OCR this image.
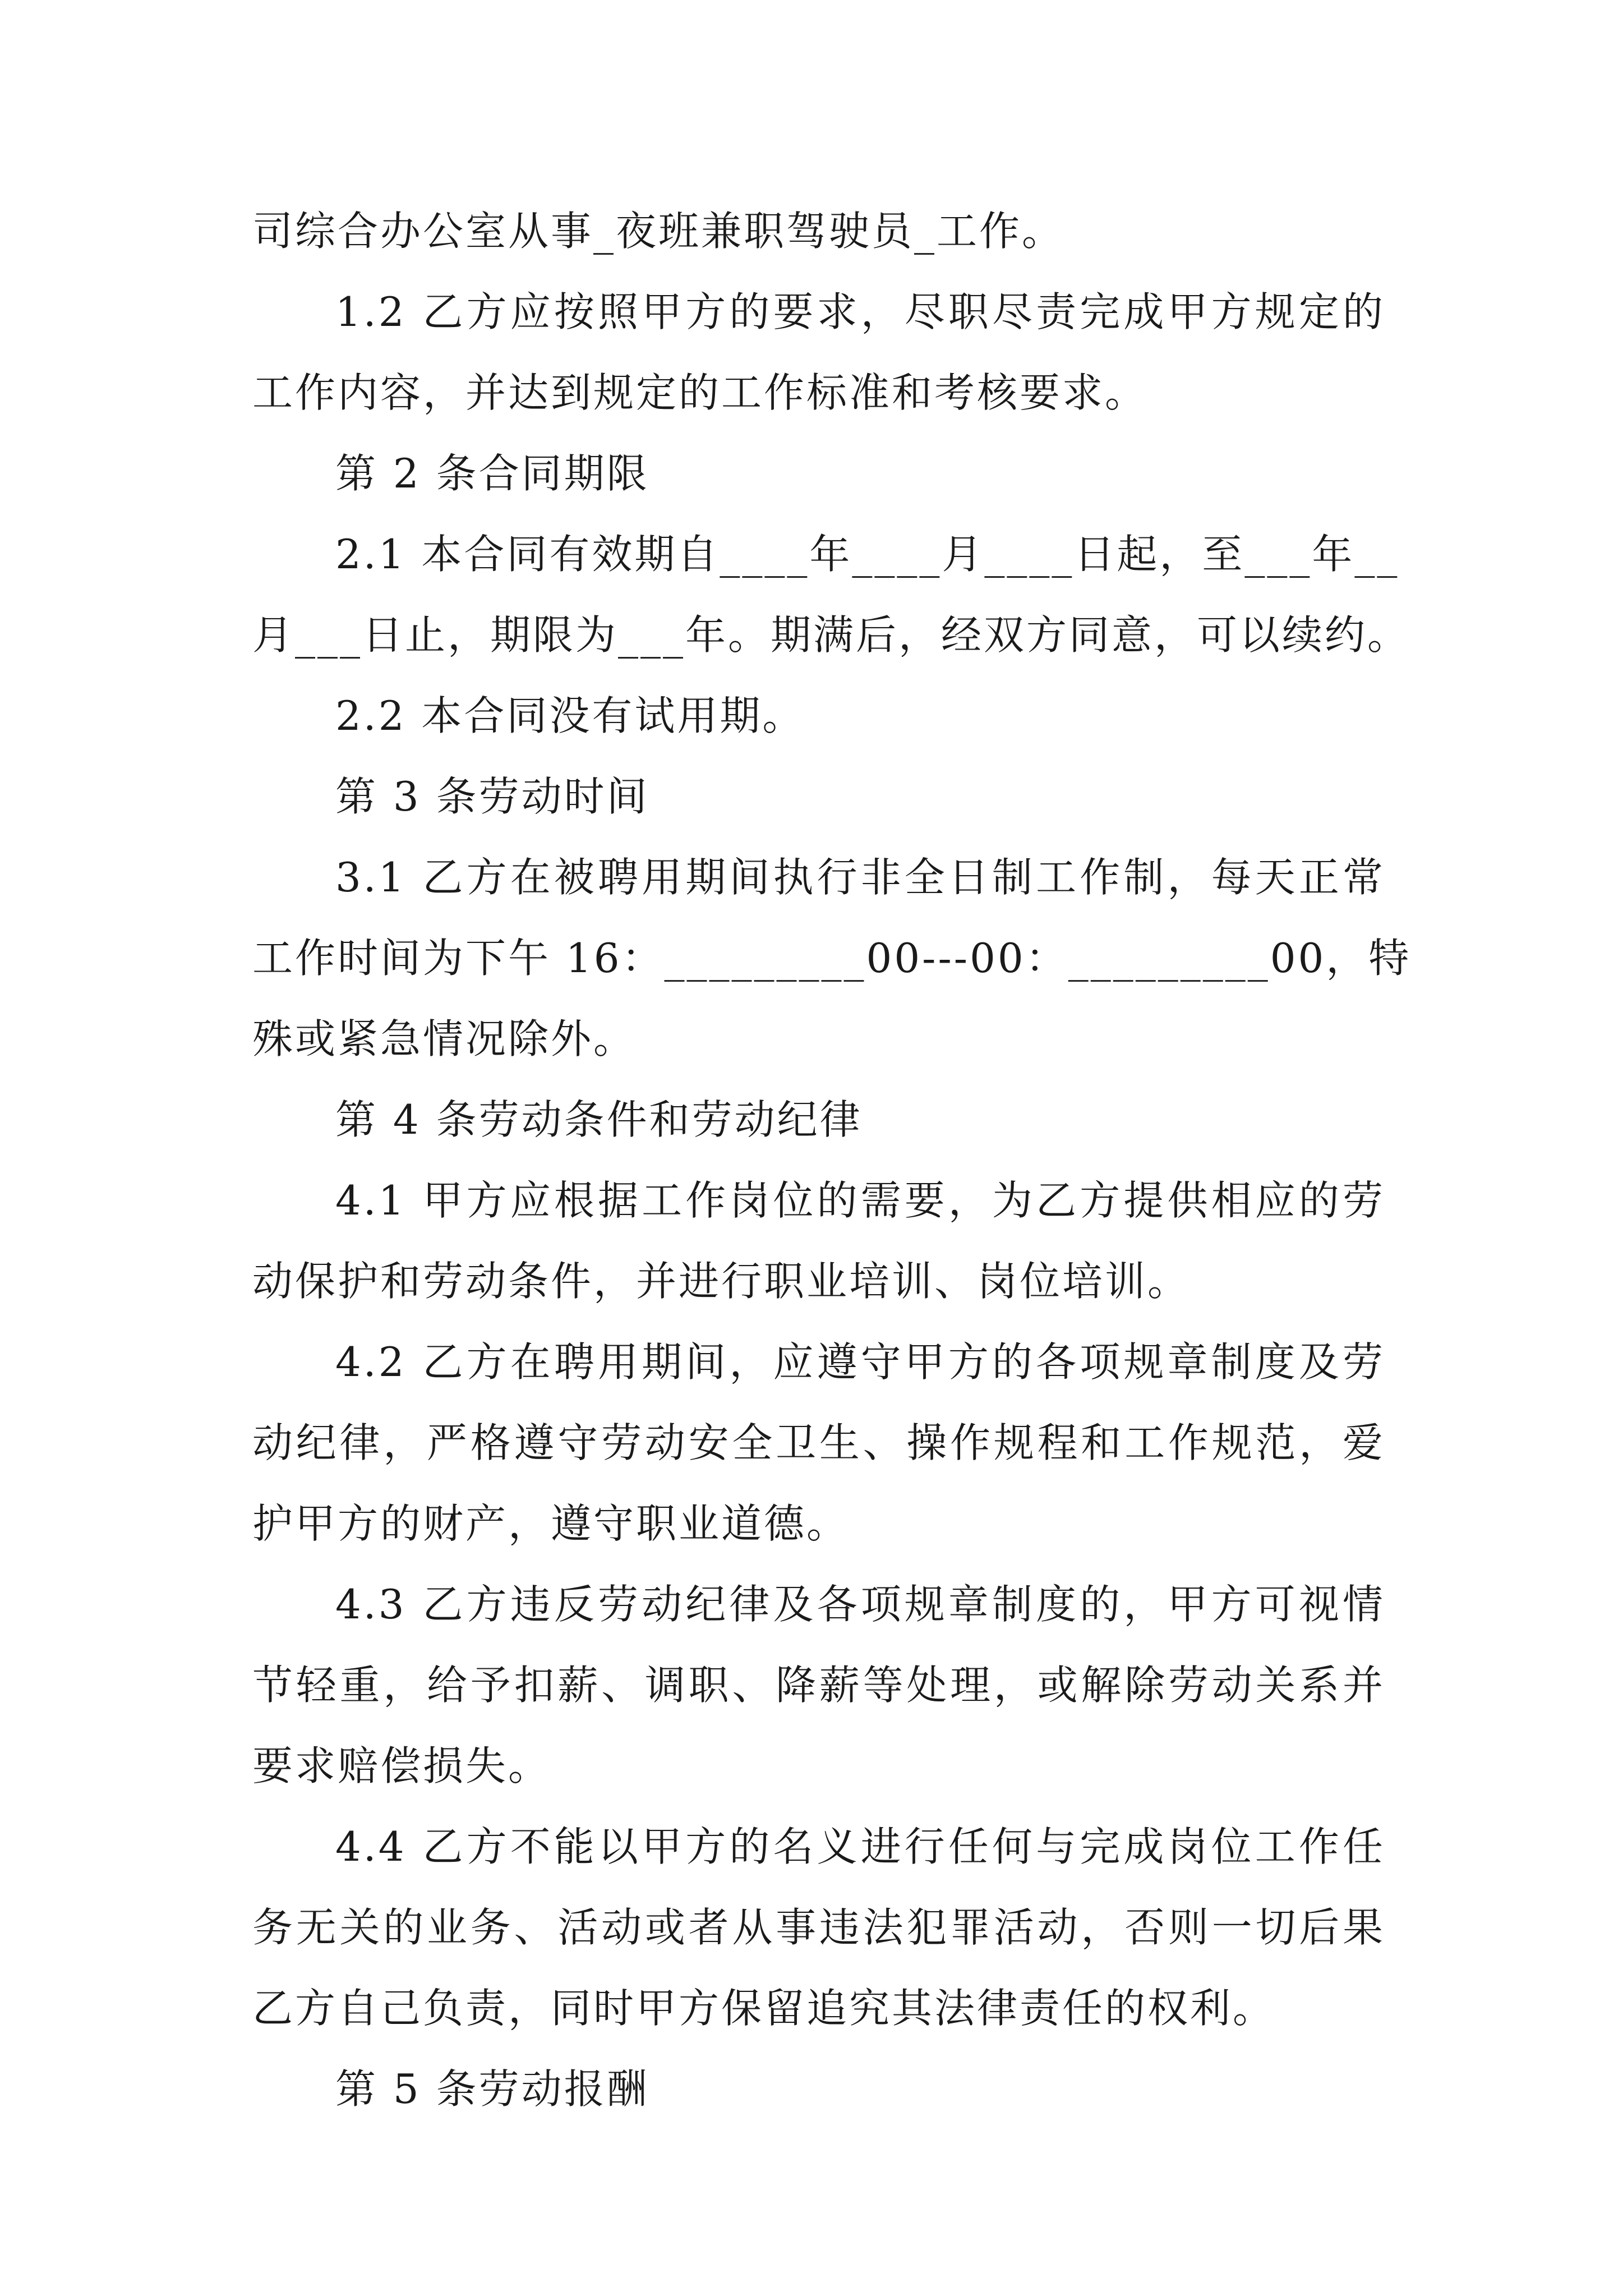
司综合办公室从事_夜班兼职驾驶员_工作。
1.2 乙方应按照甲方的要求，尽职尽责完成甲方规定的
工作内容，并达到规定的工作标准和考核要求。
第 2 条合同期限
2.1 本合同有效期自____年____月____日起，至___年__
月___日止，期限为___年。期满后，经双方同意，可以续约。
2.2 本合同没有试用期。
第 3 条劳动时间
3.1 乙方在被聘用期间执行非全日制工作制，每天正常
工作时间为下午 16：_________00---00：_________00，特
殊或紧急情况除外。
第 4 条劳动条件和劳动纪律
4.1 甲方应根据工作岗位的需要，为乙方提供相应的劳
动保护和劳动条件，并进行职业培训、岗位培训。
4.2 乙方在聘用期间，应遵守甲方的各项规章制度及劳
动纪律，严格遵守劳动安全卫生、操作规程和工作规范，爱
护甲方的财产，遵守职业道德。
4.3 乙方违反劳动纪律及各项规章制度的，甲方可视情
节轻重，给予扣薪、调职、降薪等处理，或解除劳动关系并
要求赔偿损失。
4.4 乙方不能以甲方的名义进行任何与完成岗位工作任
务无关的业务、活动或者从事违法犯罪活动，否则一切后果
乙方自己负责，同时甲方保留追究其法律责任的权利。
第 5 条劳动报酬
